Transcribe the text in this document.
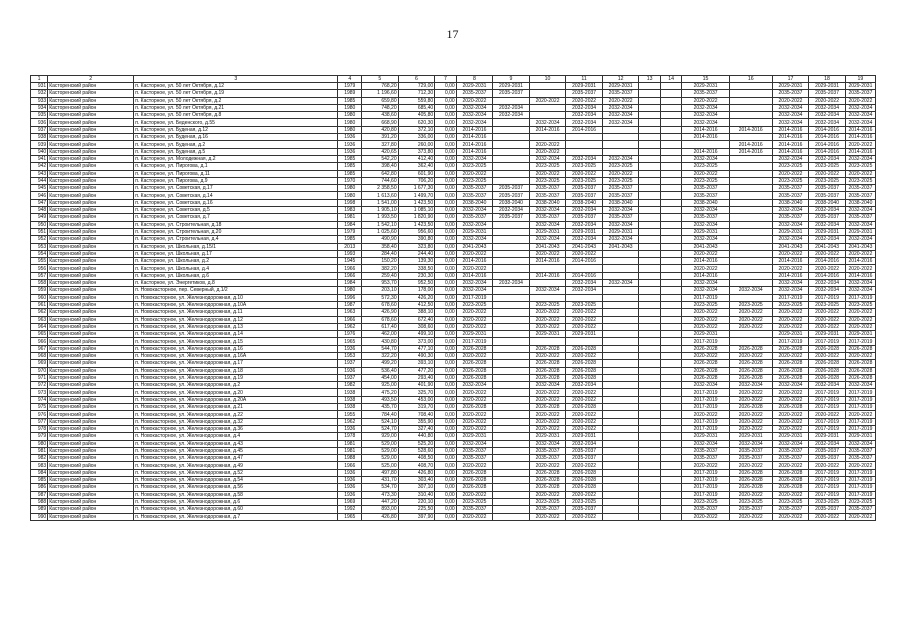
17
1	2	3	4	5	6	7	8	9	10	11	12	13	14	15	16	17	18	19
931	Касторенский район	п. Касторное, ул. 50 лет Октября, д.12	1979	768,20	729,00	0,00	2029-2031	2029-2031		2029-2031	2029-2031			2029-2031		2029-2031	2029-2031	2029-2031
932	Касторенский район	п. Касторное, ул. 50 лет Октября, д.19	1989	1 196,60	712,30	0,00	2035-2037	2035-2037		2035-2037	2035-2037			2035-2037		2035-2037	2035-2037	2035-2037
933	Касторенский район	п. Касторное, ул. 50 лет Октября, д.2	1985	659,80	559,80	0,00	2020-2022		2020-2022	2020-2022	2020-2022			2020-2022		2020-2022	2020-2022	2020-2022
934	Касторенский район	п. Касторное, ул. 50 лет Октября, д.21	1980	748,20	685,40	0,00	2032-2034	2032-2034		2032-2034	2032-2034			2032-2034		2032-2034	2032-2034	2032-2034
935	Касторенский район	п. Касторное, ул. 50 лет Октября, д.8	1980	438,60	405,80	0,00	2032-2034	2032-2034		2032-2034	2032-2034			2032-2034		2032-2034	2032-2034	2032-2034
936	Касторенский район	п. Касторное, ул. Беденского, д.55	1980	668,90	620,30	0,00	2032-2034		2032-2034	2032-2034	2032-2034			2032-2034		2032-2034	2032-2034	2032-2034
937	Касторенский район	п. Касторное, ул. Буденая, д.12	1980	420,80	372,10	0,00	2014-2016		2014-2016	2014-2016				2014-2016	2014-2016	2014-2016	2014-2016	2014-2016
938	Касторенский район	п. Касторное, ул. Буденая, д.16	1936	391,20	336,00	0,00	2014-2016							2014-2016		2014-2016	2014-2016	2014-2016
939	Касторенский район	п. Касторное, ул. Буденая, д.2	1936	327,80	260,00	0,00	2014-2016		2020-2022						2014-2016	2014-2016	2014-2016	2020-2022
940	Касторенский район	п. Касторное, ул. Буденая, д.5	1936	420,65	373,80	0,00	2014-2016		2020-2022					2014-2016	2014-2016	2014-2016	2014-2016	2014-2016
941	Касторенский район	п. Касторное, ул. Молодежная, д.2	1985	542,20	412,40	0,00	2032-2034		2032-2034	2032-2034	2032-2034			2032-2034		2032-2034	2032-2034	2032-2034
942	Касторенский район	п. Касторное, ул. Пирогова, д.1	1985	398,40	362,40	0,00	2023-2025		2023-2025	2023-2025	2023-2025			2023-2025		2023-2025	2023-2025	2023-2025
943	Касторенский район	п. Касторное, ул. Пирогова, д.11	1985	642,80	601,90	0,00	2020-2022		2020-2022	2020-2022	2020-2022			2020-2022		2020-2022	2020-2022	2020-2022
944	Касторенский район	п. Касторное, ул. Пирогова, д.9	1970	744,60	706,20	0,00	2023-2025		2023-2025	2023-2025	2023-2025			2023-2025		2023-2025	2023-2025	2023-2025
945	Касторенский район	п. Касторное, ул. Советская, д.17	1980	2 358,50	1 677,30	0,00	2035-2037	2035-2037	2035-2037	2035-2037	2035-2037			2035-2037		2035-2037	2035-2037	2035-2037
946	Касторенский район	п. Касторное, ул. Советская, д.14	1980	1 613,60	1 499,70	0,00	2035-2037	2035-2037	2035-2037	2035-2037	2035-2037			2035-2037		2035-2037	2035-2037	2035-2037
947	Касторенский район	п. Касторное, ул. Советская, д.16	1998	1 541,00	1 423,50	0,00	2038-2040	2038-2040	2038-2040	2038-2040	2038-2040			2038-2040		2038-2040	2038-2040	2038-2040
948	Касторенский район	п. Касторное, ул. Советская, д.5	1983	1 905,10	1 085,10	0,00	2032-2034	2032-2034	2032-2034	2032-2034	2032-2034			2032-2034		2032-2034	2032-2034	2032-2034
949	Касторенский район	п. Касторное, ул. Советская, д.7	1981	1 993,50	1 820,90	0,00	2035-2037	2035-2037	2035-2037	2035-2037	2035-2037			2035-2037		2035-2037	2035-2037	2035-2037
950	Касторенский район	п. Касторное, ул. Строительная, д.18	1984	1 542,10	1 423,50	0,00	2032-2034		2032-2034	2032-2034	2032-2034			2032-2034		2032-2034	2032-2034	2032-2034
951	Касторенский район	п. Касторное, ул. Строительная, д.20	1979	1 025,60	956,60	0,00	2029-2031		2029-2031	2029-2031	2029-2031			2029-2031		2029-2031	2029-2031	2029-2031
952	Касторенский район	п. Касторное, ул. Строительная, д.4	1985	490,90	390,80	0,00	2032-2034		2032-2034	2032-2034	2032-2034			2032-2034		2032-2034	2032-2034	2032-2034
953	Касторенский район	п. Касторное, ул. Школьная, д.15/1	2013	358,40	323,80	0,00	2041-2043		2041-2043	2041-2043	2041-2043			2041-2043		2041-2043	2041-2043	2041-2043
954	Касторенский район	п. Касторное, ул. Школьная, д.17	1993	284,40	244,40	0,00	2020-2022		2020-2022	2020-2022				2020-2022		2020-2022	2020-2022	2020-2022
955	Касторенский район	п. Касторное, ул. Школьная, д.2	1945	150,20	139,30	0,00	2014-2016		2014-2016	2014-2016				2014-2016		2014-2016	2014-2016	2014-2016
956	Касторенский район	п. Касторное, ул. Школьная, д.4	1966	382,20	338,50	0,00	2020-2022							2020-2022		2020-2022	2020-2022	2020-2022
957	Касторенский район	п. Касторное, ул. Школьная, д.6	1966	259,40	230,30	0,00	2014-2016		2014-2016	2014-2016				2014-2016		2014-2016	2014-2016	2014-2016
958	Касторенский район	п. Касторное, ул. Энергетиков, д.8	1984	953,70	952,50	0,00	2032-2034	2032-2034		2032-2034	2032-2034			2032-2034		2032-2034	2032-2034	2032-2034
959	Касторенский район	п. Новокасторное, пер. Северный, д.1/2	1980	203,10	178,00	0,00	2032-2034		2032-2034	2032-2034				2032-2034	2032-2034	2032-2034	2032-2034	2032-2034
960	Касторенский район	п. Новокасторное, ул. Железнодорожная, д.10	1996	572,30	426,20	0,00	2017-2019							2017-2019		2017-2019	2017-2019	2017-2019
961	Касторенский район	п. Новокасторное, ул. Железнодорожная, д.10А	1987	678,60	412,50	0,00	2023-2025		2023-2025	2023-2025				2023-2025	2023-2025	2023-2025	2023-2025	2023-2025
962	Касторенский район	п. Новокасторное, ул. Железнодорожная, д.11	1963	426,90	388,10	0,00	2020-2022		2020-2022	2020-2022				2020-2022	2020-2022	2020-2022	2020-2022	2020-2022
963	Касторенский район	п. Новокасторное, ул. Железнодорожная, д.12	1966	678,60	672,40	0,00	2020-2022		2020-2022	2020-2022				2020-2022	2020-2022	2020-2022	2020-2022	2020-2022
964	Касторенский район	п. Новокасторное, ул. Железнодорожная, д.13	1962	617,40	308,60	0,00	2020-2022		2020-2022	2020-2022				2020-2022	2020-2022	2020-2022	2020-2022	2020-2022
965	Касторенский район	п. Новокасторное, ул. Железнодорожная, д.14	1976	462,00	499,10	0,00	2029-2031		2029-2031	2029-2031				2029-2031		2029-2031	2029-2031	2029-2031
966	Касторенский район	п. Новокасторное, ул. Железнодорожная, д.15	1965	430,80	373,00	0,00	2017-2019							2017-2019		2017-2019	2017-2019	2017-2019
967	Касторенский район	п. Новокасторное, ул. Железнодорожная, д.16	1936	544,70	477,10	0,00	2026-2028		2026-2028	2026-2028				2026-2028	2026-2028	2026-2028	2026-2028	2026-2028
968	Касторенский район	п. Новокасторное, ул. Железнодорожная, д.16А	1953	322,20	490,30	0,00	2020-2022		2020-2022	2020-2022				2020-2022	2020-2022	2020-2022	2020-2022	2020-2022
969	Касторенский район	п. Новокасторное, ул. Железнодорожная, д.17	1937	499,20	393,10	0,00	2026-2028		2026-2028	2026-2028				2026-2028	2026-2028	2026-2028	2026-2028	2026-2028
970	Касторенский район	п. Новокасторное, ул. Железнодорожная, д.18	1936	536,40	477,20	0,00	2026-2028		2026-2028	2026-2028				2026-2028	2026-2028	2026-2028	2026-2028	2026-2028
971	Касторенский район	п. Новокасторное, ул. Железнодорожная, д.19	1937	454,00	293,40	0,00	2026-2028		2026-2028	2026-2028				2026-2028	2026-2028	2026-2028	2026-2028	2026-2028
972	Касторенский район	п. Новокасторное, ул. Железнодорожная, д.2	1982	925,00	401,90	0,00	2032-2034		2032-2034	2032-2034				2032-2034	2032-2034	2032-2034	2032-2034	2032-2034
973	Касторенский район	п. Новокасторное, ул. Железнодорожная, д.20	1938	475,20	325,70	0,00	2020-2022		2020-2022	2020-2022				2017-2019	2020-2022	2020-2022	2017-2019	2017-2019
974	Касторенский район	п. Новокасторное, ул. Железнодорожная, д.20А	1938	493,50	453,00	0,00	2020-2022		2020-2022	2020-2022				2017-2019	2020-2022	2020-2022	2017-2019	2017-2019
975	Касторенский район	п. Новокасторное, ул. Железнодорожная, д.21	1938	435,70	319,70	0,00	2026-2028		2026-2028	2026-2028				2017-2019	2026-2028	2026-2028	2017-2019	2017-2019
976	Касторенский район	п. Новокасторное, ул. Железнодорожная, д.22	1955	784,40	708,40	0,00	2020-2022		2020-2022	2020-2022				2020-2022	2020-2022	2020-2022	2020-2022	2020-2022
977	Касторенский район	п. Новокасторное, ул. Железнодорожная, д.32	1962	524,10	355,90	0,00	2020-2022		2020-2022	2020-2022				2017-2019	2020-2022	2020-2022	2017-2019	2017-2019
978	Касторенский район	п. Новокасторное, ул. Железнодорожная, д.36	1936	524,70	327,40	0,00	2020-2022		2020-2022	2020-2022				2017-2019	2020-2022	2020-2022	2017-2019	2017-2019
979	Касторенский район	п. Новокасторное, ул. Железнодорожная, д.4	1978	929,00	440,80	0,00	2029-2031		2029-2031	2029-2031				2029-2031	2029-2031	2029-2031	2029-2031	2029-2031
980	Касторенский район	п. Новокасторное, ул. Железнодорожная, д.43	1981	529,00	525,20	0,00	2032-2034		2032-2034	2032-2034				2032-2034	2032-2034	2032-2034	2032-2034	2032-2034
981	Касторенский район	п. Новокасторное, ул. Железнодорожная, д.45	1981	529,00	528,60	0,00	2035-2037		2035-2037	2035-2037				2035-2037	2035-2037	2035-2037	2035-2037	2035-2037
982	Касторенский район	п. Новокасторное, ул. Железнодорожная, д.47	1988	529,00	408,50	0,00	2035-2037		2035-2037	2035-2037				2035-2037	2035-2037	2035-2037	2035-2037	2035-2037
983	Касторенский район	п. Новокасторное, ул. Железнодорожная, д.49	1966	525,00	408,70	0,00	2020-2022		2020-2022	2020-2022				2020-2022	2020-2022	2020-2022	2020-2022	2020-2022
984	Касторенский район	п. Новокасторное, ул. Железнодорожная, д.52	1936	497,80	426,80	0,00	2026-2028		2026-2028	2026-2028				2017-2019	2026-2028	2026-2028	2017-2019	2017-2019
985	Касторенский район	п. Новокасторное, ул. Железнодорожная, д.54	1936	431,70	303,40	0,00	2026-2028		2026-2028	2026-2028				2017-2019	2026-2028	2026-2028	2017-2019	2017-2019
986	Касторенский район	п. Новокасторное, ул. Железнодорожная, д.56	1936	534,70	307,10	0,00	2026-2028		2026-2028	2026-2028				2017-2019	2026-2028	2026-2028	2017-2019	2017-2019
987	Касторенский район	п. Новокасторное, ул. Железнодорожная, д.58	1936	473,30	310,40	0,00	2020-2022		2020-2022	2020-2022				2017-2019	2020-2022	2020-2022	2017-2019	2017-2019
988	Касторенский район	п. Новокасторное, ул. Железнодорожная, д.6	1969	447,20	220,10	0,00	2023-2025		2023-2025	2023-2025				2023-2025	2023-2025	2023-2025	2023-2025	2023-2025
989	Касторенский район	п. Новокасторное, ул. Железнодорожная, д.60	1992	893,00	225,50	0,00	2035-2037		2035-2037	2035-2037				2035-2037	2035-2037	2035-2037	2035-2037	2035-2037
990	Касторенский район	п. Новокасторное, ул. Железнодорожная, д.7	1965	426,80	397,90	0,00	2020-2022		2020-2022	2020-2022				2020-2022	2020-2022	2020-2022	2020-2022	2020-2022
